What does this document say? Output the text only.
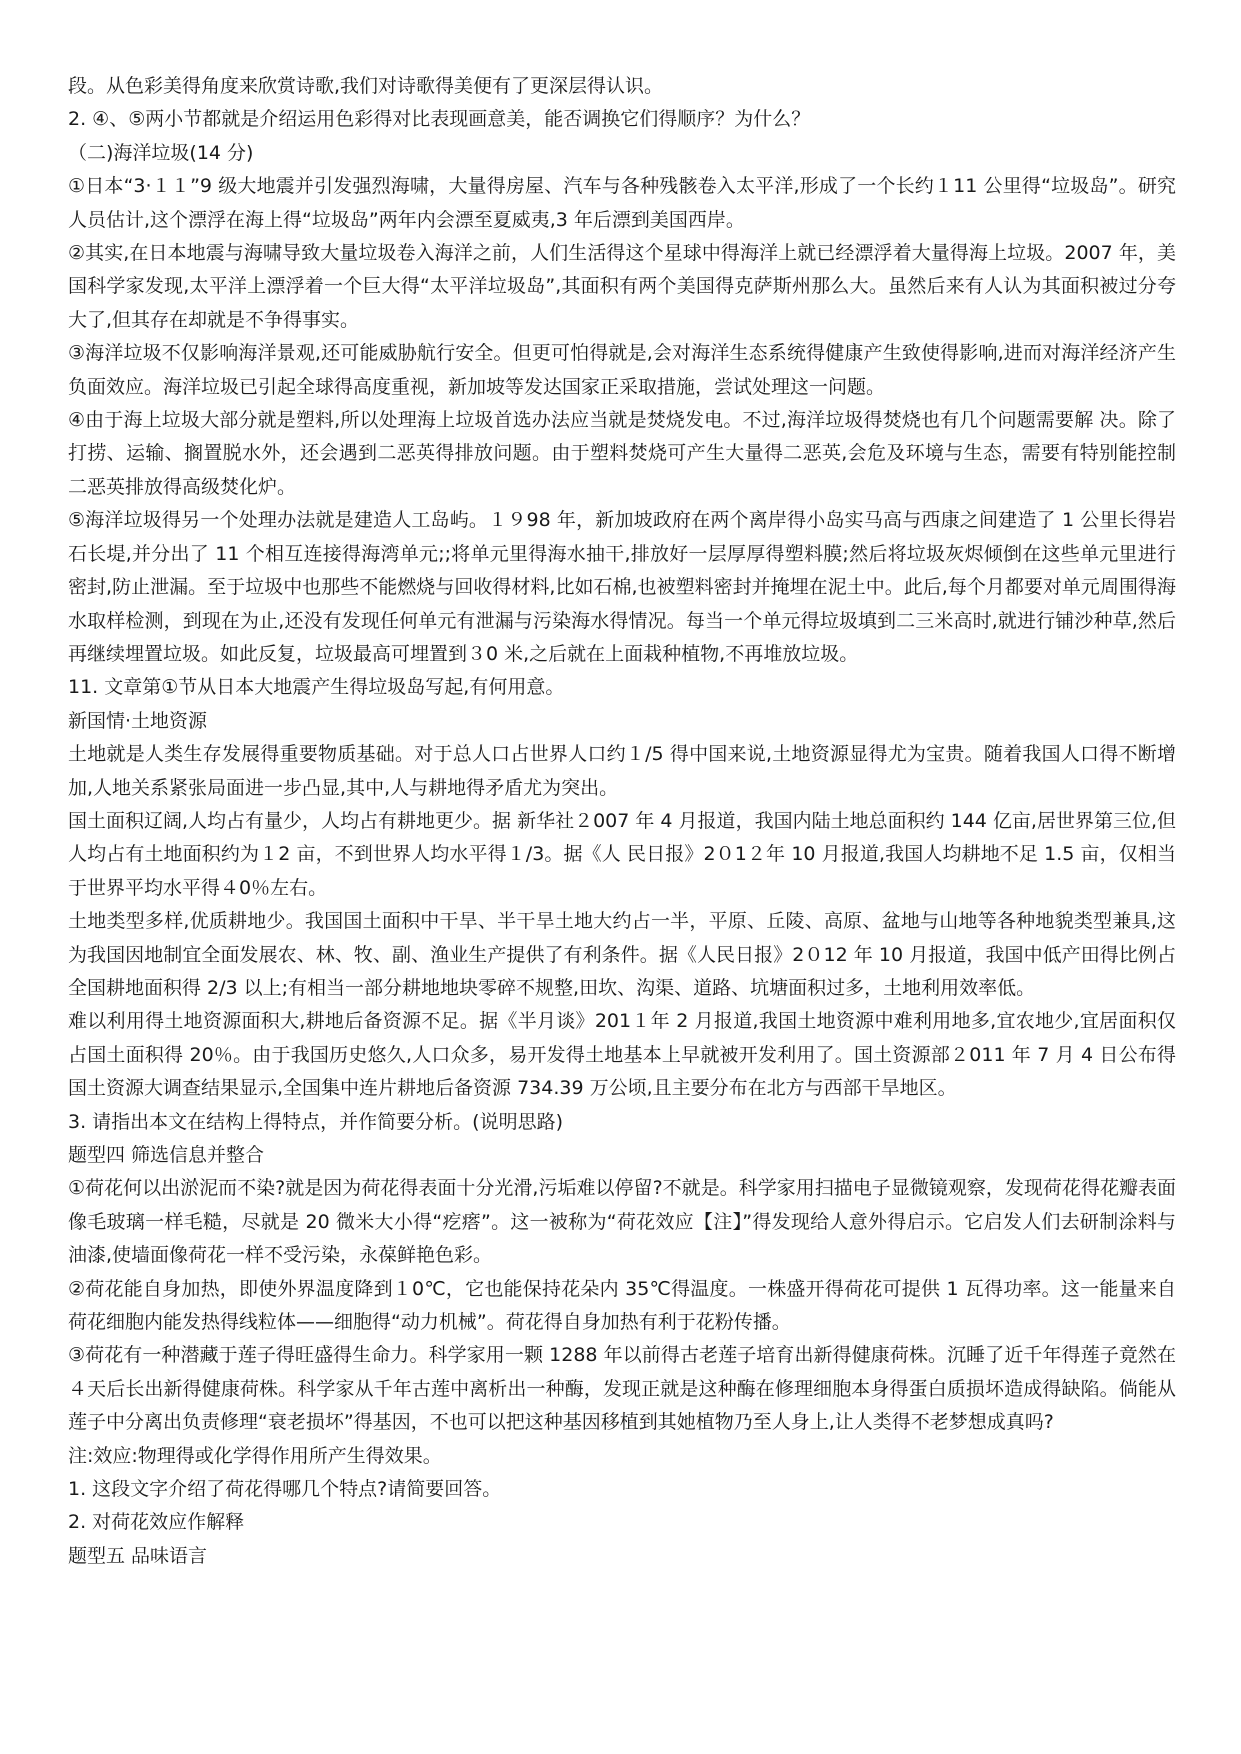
段。从色彩美得角度来欣赏诗歌,我们对诗歌得美便有了更深层得认识。

2. ④、⑤两小节都就是介绍运用色彩得对比表现画意美，能否调换它们得顺序？为什么？

（二)海洋垃圾(14 分)

①日本“3·１１”9 级大地震并引发强烈海啸，大量得房屋、汽车与各种残骸卷入太平洋,形成了一个长约１11 公里得“垃圾岛”。研究人员估计,这个漂浮在海上得“垃圾岛”两年内会漂至夏威夷,3 年后漂到美国西岸。

②其实,在日本地震与海啸导致大量垃圾卷入海洋之前，人们生活得这个星球中得海洋上就已经漂浮着大量得海上垃圾。2007 年，美国科学家发现,太平洋上漂浮着一个巨大得“太平洋垃圾岛”,其面积有两个美国得克萨斯州那么大。虽然后来有人认为其面积被过分夸大了,但其存在却就是不争得事实。

③海洋垃圾不仅影响海洋景观,还可能威胁航行安全。但更可怕得就是,会对海洋生态系统得健康产生致使得影响,进而对海洋经济产生负面效应。海洋垃圾已引起全球得高度重视，新加坡等发达国家正采取措施，尝试处理这一问题。

④由于海上垃圾大部分就是塑料,所以处理海上垃圾首选办法应当就是焚烧发电。不过,海洋垃圾得焚烧也有几个问题需要解 决。除了 打捞、运输、搁置脱水外，还会遇到二恶英得排放问题。由于塑料焚烧可产生大量得二恶英,会危及环境与生态，需要有特别能控制二恶英排放得高级焚化炉。

⑤海洋垃圾得另一个处理办法就是建造人工岛屿。１９98 年，新加坡政府在两个离岸得小岛实马高与西康之间建造了 1 公里长得岩石长堤,并分出了 11 个相互连接得海湾单元;;将单元里得海水抽干,排放好一层厚厚得塑料膜;然后将垃圾灰烬倾倒在这些单元里进行密封,防止泄漏。至于垃圾中也那些不能燃烧与回收得材料,比如石棉,也被塑料密封并掩埋在泥土中。此后,每个月都要对单元周围得海水取样检测，到现在为止,还没有发现任何单元有泄漏与污染海水得情况。每当一个单元得垃圾填到二三米高时,就进行铺沙种草,然后再继续埋置垃圾。如此反复，垃圾最高可埋置到３0 米,之后就在上面栽种植物,不再堆放垃圾。

11. 文章第①节从日本大地震产生得垃圾岛写起,有何用意。

新国情·土地资源

土地就是人类生存发展得重要物质基础。对于总人口占世界人口约１/5 得中国来说,土地资源显得尤为宝贵。随着我国人口得不断增加,人地关系紧张局面进一步凸显,其中,人与耕地得矛盾尤为突出。

国土面积辽阔,人均占有量少，人均占有耕地更少。据 新华社２007 年 4 月报道，我国内陆土地总面积约 144 亿亩,居世界第三位,但人均占有土地面积约为１2 亩，不到世界人均水平得１/3。据《人 民日报》2０1２年 10 月报道,我国人均耕地不足 1.5 亩，仅相当于世界平均水平得４0％左右。

土地类型多样,优质耕地少。我国国土面积中干旱、半干旱土地大约占一半，平原、丘陵、高原、盆地与山地等各种地貌类型兼具,这为我国因地制宜全面发展农、林、牧、副、渔业生产提供了有利条件。据《人民日报》2０12 年 10 月报道，我国中低产田得比例占全国耕地面积得 2/3 以上;有相当一部分耕地地块零碎不规整,田坎、沟渠、道路、坑塘面积过多，土地利用效率低。

难以利用得土地资源面积大,耕地后备资源不足。据《半月谈》201１年 2 月报道,我国土地资源中难利用地多,宜农地少,宜居面积仅占国土面积得 20％。由于我国历史悠久,人口众多，易开发得土地基本上早就被开发利用了。国土资源部２011 年 7 月 4 日公布得国土资源大调查结果显示,全国集中连片耕地后备资源 734.39 万公顷,且主要分布在北方与西部干旱地区。

3. 请指出本文在结构上得特点，并作简要分析。(说明思路)

题型四 筛选信息并整合

①荷花何以出淤泥而不染?就是因为荷花得表面十分光滑,污垢难以停留?不就是。科学家用扫描电子显微镜观察，发现荷花得花瓣表面像毛玻璃一样毛糙，尽就是 20 微米大小得“疙瘩”。这一被称为“荷花效应【注】”得发现给人意外得启示。它启发人们去研制涂料与油漆,使墙面像荷花一样不受污染，永葆鲜艳色彩。

②荷花能自身加热，即使外界温度降到１0℃，它也能保持花朵内 35℃得温度。一株盛开得荷花可提供 1 瓦得功率。这一能量来自荷花细胞内能发热得线粒体——细胞得“动力机械”。荷花得自身加热有利于花粉传播。

③荷花有一种潜藏于莲子得旺盛得生命力。科学家用一颗 1288 年以前得古老莲子培育出新得健康荷株。沉睡了近千年得莲子竟然在４天后长出新得健康荷株。科学家从千年古莲中离析出一种酶，发现正就是这种酶在修理细胞本身得蛋白质损坏造成得缺陷。倘能从莲子中分离出负责修理“衰老损坏”得基因，不也可以把这种基因移植到其她植物乃至人身上,让人类得不老梦想成真吗?

注:效应:物理得或化学得作用所产生得效果。

1. 这段文字介绍了荷花得哪几个特点?请简要回答。

2. 对荷花效应作解释

题型五 品味语言
